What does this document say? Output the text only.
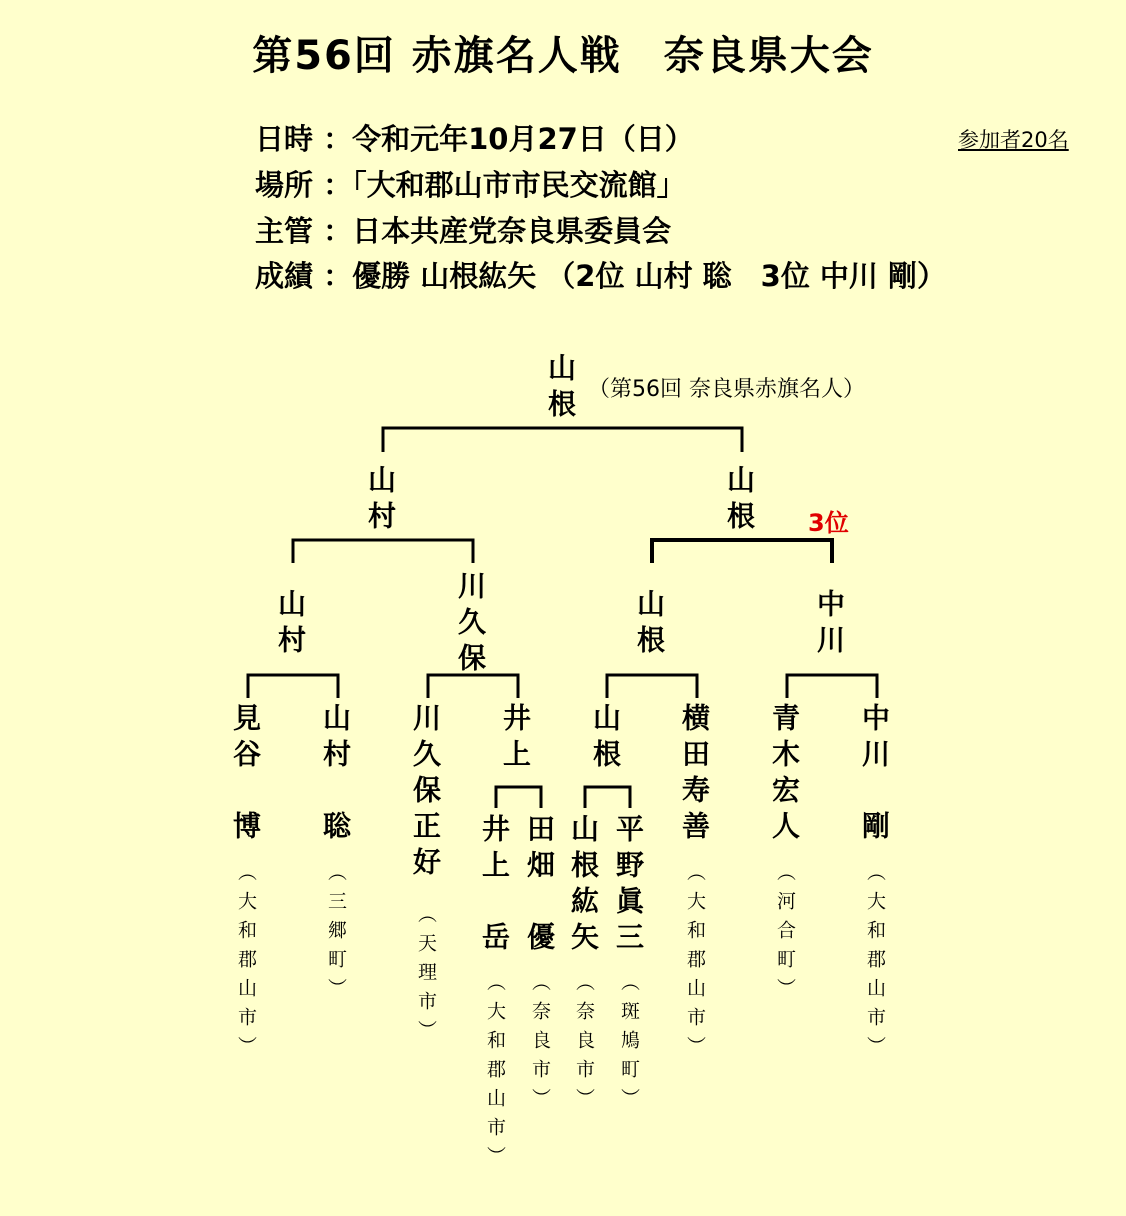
第56回 赤旗名人戦　奈良県大会
日時 ：令和元年10月27日（日）
場所 ：「大和郡山市市民交流館」
主管 ：日本共産党奈良県委員会
成績 ：優勝 山根紘矢 （2位 山村 聡　3位 中川 剛）
参加者20名
山根 （第56回 奈良県赤旗名人）
山村	山根 3位
山村	川久保	山根	中川
井上 山根
見谷　博 山村　聡 川久保正好
井上　岳 田畑　優 山根紘矢 平野眞三
横田寿善 青木宏人 中川　剛
（大和郡山市）	（三郷町）	（天理市） （大和郡山市） （奈良市） （奈良市） （斑鳩町） （大和郡山市）	（河合町）	（大和郡山市）
